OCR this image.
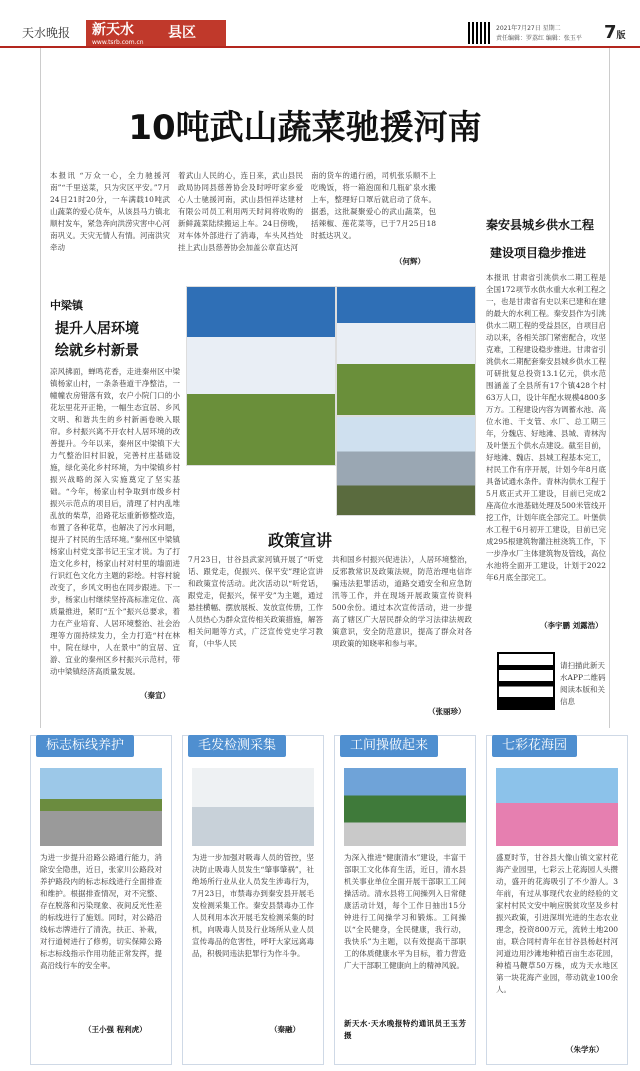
天水晚报	新天水
www.tsrb.com.cn
县区	2021年7月27日 星期二
责任编辑：罗荔红 编辑：张玉平 7版
10吨武山蔬菜驰援河南
本报讯 “万众一心，全力驰援河南”“千里送菜，只为灾区平安。”7月24日21时20分，一车满载10吨武山蔬菜的爱心货车，从该县马力镇北顺村发车，紧急奔向洪涝灾害中心河南巩义。天灾无情人有情。河南洪灾牵动
着武山人民的心，连日来，武山县民政局协同县慈善协会及时呼吁家乡爱心人士驰援河南，武山县恒祥达建材有限公司员工利用两天时间将收购的新鲜蔬菜陆续搬运上车。24日傍晚，对车体外部进行了消毒，车头风挡处挂上武山县慈善协会加盖公章直达河
南的货车的通行函，司机张乐顺不上吃晚饭，将一箱泡面和几瓶矿泉水搬上车，整理好口罩后就启动了货车。据悉，这批凝聚爱心的武山蔬菜，包括辣椒、莲花菜等，已于7月25日18时抵达巩义。
（何辉）
中梁镇
提升人居环境
绘就乡村新景
凉风拂面，蝉鸣花香，走进秦州区中梁镇杨家山村，一条条巷道干净整洁，一幢幢农房错落有致，农户小院门口的小花坛里花开正艳，一幅生态宜居、乡风文明、和谐共生的乡村新画卷映入眼帘。乡村振兴离不开农村人居环境的改善提升。今年以来，秦州区中梁镇下大力气整治旧村旧貌，完善村庄基础设施，绿化美化乡村环境，为中梁镇乡村振兴战略的深入实施奠定了坚实基础。“今年，杨家山村争取到市级乡村振兴示范点的项目后，清理了村内乱堆乱放的柴草，沿路花坛重新修整改造，布置了各种花草，也解决了污水问题，提升了村民的生活环境。”秦州区中梁镇杨家山村党支部书记王宝才说。为了打造文化乡村，杨家山村对村里的墙面进行识红色文化方主题的彩绘。村容村貌改变了，乡风文明也在同步跟进。下一步，杨家山村继续坚持高标准定位、高质量推进，紧盯“五个”振兴总要求，着力在产业培育、人居环境整治、社会治理等方面持续发力，全力打造“村在林中，院在绿中，人在景中”的宜居、宜游、宜业的秦州区乡村振兴示范村，带动中梁镇经济高质量发展。
（秦宣）
政策宣讲
7月23日，甘谷县武家河镇开展了“听党话、跟党走，促振兴、保平安”理论宣讲和政策宣传活动。此次活动以“听党话，跟党走，促振兴，保平安”为主题，通过悬挂横幅、摆放展板、发放宣传册，工作人员热心为群众宣传相关政策措施，解答相关问题等方式，广泛宣传党史学习教育，（中华人民
共和国乡村振兴促进法），人居环境整治，反邪教常识及政策法规，防范治理电信诈骗违法犯罪活动，道路交通安全和应急防汛等工作，并在现场开展政策宣传资料500余份。通过本次宣传活动，进一步提高了辖区广大居民群众的学习法律法规政策意识，安全防范意识，提高了群众对各项政策的知晓率和参与率。
（张丽珍）
秦安县城乡供水工程
建设项目稳步推进
本报讯 甘肃省引洮供水二期工程是全国172项节水供水重大水利工程之一，也是甘肃省有史以来已建和在建的最大的水利工程。秦安县作为引洮供水二期工程的受益县区，自项目启动以来，各相关部门紧密配合，攻坚克难，工程建设稳步推进。甘肃省引洮供水二期配套秦安县城乡供水工程可研批复总投资13.1亿元，供水范围涵盖了全县所有17个镇428个村63万人口，设计年配水规模4800多万方。工程建设内容为调蓄水池、高位水池、干支管、水厂、总工期三年，分魏店、好地滩、县城、青林沟及叶堡五个供水点建设。截至目前，好地滩、魏店、县城工程基本完工，村民工作有序开展，计划今年8月底具备试通水条件。青林沟供水工程于5月底正式开工建设，目前已完成2座高位水池基础处理及500米管线开挖工作，计划年底全部完工。叶堡供水工程于6月初开工建设，目前已完成295根建筑物灌注桩浇筑工作，下一步净水厂主体建筑物及管线，高位水池将全面开工建设，计划于2022年6月底全部完工。
（李宇鹏 刘露浩）
请扫描此新天水APP二维码阅读本版和关信息
标志标线养护
为进一步提升沿路公路通行能力，消除安全隐患，近日，张家川公路段对养护路段内的标志标线进行全面排查和维护。根据排查情况，对不完整、存在脱落和污染现象、夜间反光性差的标线进行了施划。同时，对公路沿线标志牌进行了清洗，扶正、补栽，对行道树进行了修剪，切实保障公路标志标线指示作用功能正常发挥，提高沿线行车的安全率。
（王小强 程利虎）
毛发检测采集
为进一步加强对吸毒人员的管控，坚决防止吸毒人员发生“肇事肇祸”，社绝场所行业从业人员发生涉毒行为，7月23日，市禁毒办到秦安县开展毛发检测采集工作。秦安县禁毒办工作人员利用本次开展毛发检测采集的时机，向吸毒人员及行业场所从业人员宣传毒品的危害性，呼吁大家远离毒品，积极同违法犯罪行为作斗争。
（秦融）
工间操做起来
为深入推进“健康清水”建设，丰富干部职工文化体育生活，近日，清水县机关事业单位全面开展干部职工工间操活动。清水县将工间操列入日常健康活动计划，每个工作日抽出15分钟进行工间操学习和锻炼。工间操以“全民健身，全民健康，我行动，我快乐”为主题，以有效提高干部职工的体质健康水平为目标，着力营造广大干部职工健康向上的精神风貌。
新天水·天水晚报特约通讯员王玉芳 摄
七彩花海园
盛夏时节，甘谷县大像山镇文家村花海产业园里，七彩云上花海园人头攒动，盛开的花海吸引了不少游人。3年前，有过从事现代农业的经验的文家村村民文安中响应脱贫攻坚及乡村振兴政策，引进深圳光进的生态农业理念，投资800万元，流转土地200亩，联合同村青年在甘谷县杨赵村河河道边用沙滩地种植百亩生态花园，种植马鞭草50万株，成为天水地区第一块花海产业园，带动就业100余人。
（朱学东）
